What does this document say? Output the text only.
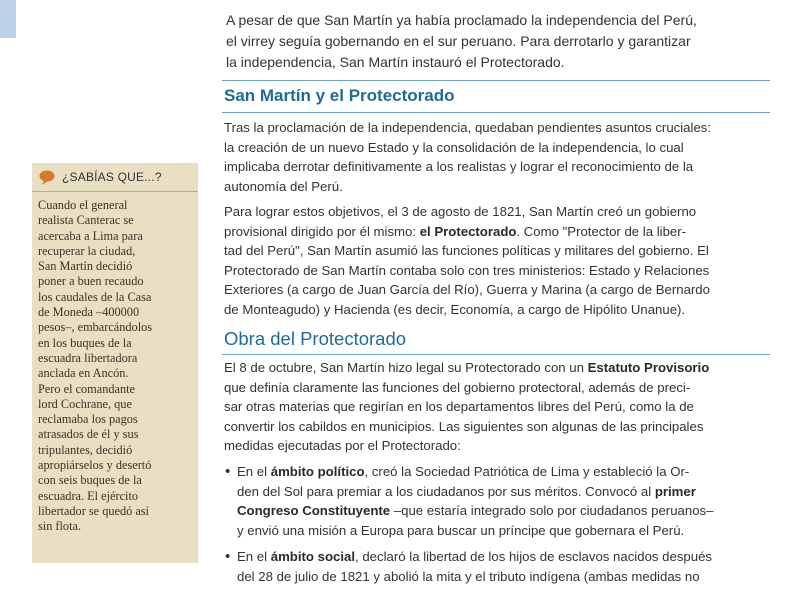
¿SABÍAS QUE...?
Cuando el general
realista Canterac se
acercaba a Lima para
recuperar la ciudad,
San Martín decidió
poner a buen recaudo
los caudales de la Casa
de Moneda –400000
pesos–, embarcándolos
en los buques de la
escuadra libertadora
anclada en Ancón.
Pero el comandante
lord Cochrane, que
reclamaba los pagos
atrasados de él y sus
tripulantes, decidió
apropiárselos y desertó
con seis buques de la
escuadra. El ejército
libertador se quedó así
sin flota.
A pesar de que San Martín ya había proclamado la independencia del Perú,
el virrey seguía gobernando en el sur peruano. Para derrotarlo y garantizar
la independencia, San Martín instauró el Protectorado.
San Martín y el Protectorado
Tras la proclamación de la independencia, quedaban pendientes asuntos cruciales:
la creación de un nuevo Estado y la consolidación de la independencia, lo cual
implicaba derrotar definitivamente a los realistas y lograr el reconocimiento de la
autonomía del Perú.
Para lograr estos objetivos, el 3 de agosto de 1821, San Martín creó un gobierno
provisional dirigido por él mismo: el Protectorado. Como "Protector de la liber-
tad del Perú", San Martín asumió las funciones políticas y militares del gobierno. El
Protectorado de San Martín contaba solo con tres ministerios: Estado y Relaciones
Exteriores (a cargo de Juan García del Río), Guerra y Marina (a cargo de Bernardo
de Monteagudo) y Hacienda (es decir, Economía, a cargo de Hipólito Unanue).
Obra del Protectorado
El 8 de octubre, San Martín hizo legal su Protectorado con un Estatuto Provisorio
que definía claramente las funciones del gobierno protectoral, además de preci-
sar otras materias que regirían en los departamentos libres del Perú, como la de
convertir los cabildos en municipios. Las siguientes son algunas de las principales
medidas ejecutadas por el Protectorado:
• En el ámbito político, creó la Sociedad Patriótica de Lima y estableció la Or-
den del Sol para premiar a los ciudadanos por sus méritos. Convocó al primer
Congreso Constituyente –que estaría integrado solo por ciudadanos peruanos–
y envió una misión a Europa para buscar un príncipe que gobernara el Perú.
• En el ámbito social, declaró la libertad de los hijos de esclavos nacidos después
del 28 de julio de 1821 y abolió la mita y el tributo indígena (ambas medidas no
